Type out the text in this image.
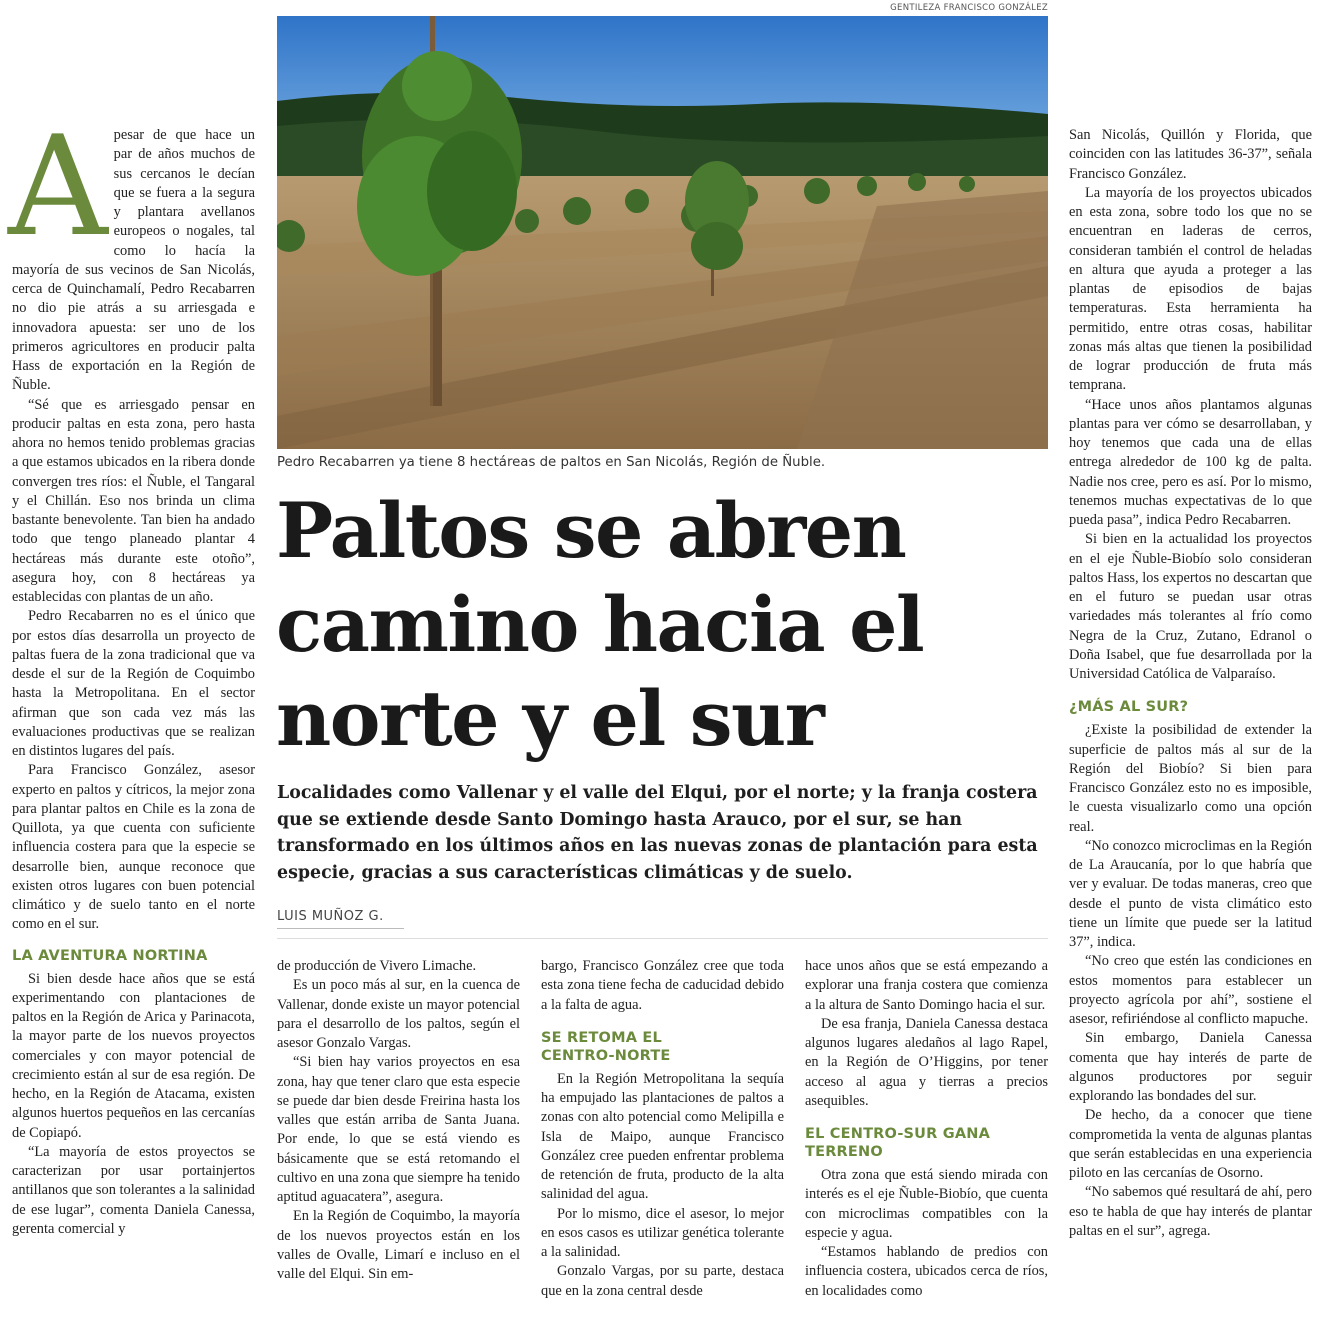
A pesar de que hace un par de años muchos de sus cercanos le decían que se fuera a la segura y plantara avellanos europeos o nogales, tal como lo hacía la mayoría de sus vecinos de San Nicolás, cerca de Quinchamalí, Pedro Recabarren no dio pie atrás a su arriesgada e innovadora apuesta: ser uno de los primeros agricultores en producir palta Hass de exportación en la Región de Ñuble.

“Sé que es arriesgado pensar en producir paltas en esta zona, pero hasta ahora no hemos tenido problemas gracias a que estamos ubicados en la ribera donde convergen tres ríos: el Ñuble, el Tangaral y el Chillán. Eso nos brinda un clima bastante benevolente. Tan bien ha andado todo que tengo planeado plantar 4 hectáreas más durante este otoño”, asegura hoy, con 8 hectáreas ya establecidas con plantas de un año.

Pedro Recabarren no es el único que por estos días desarrolla un proyecto de paltas fuera de la zona tradicional que va desde el sur de la Región de Coquimbo hasta la Metropolitana. En el sector afirman que son cada vez más las evaluaciones productivas que se realizan en distintos lugares del país.

Para Francisco González, asesor experto en paltos y cítricos, la mejor zona para plantar paltos en Chile es la zona de Quillota, ya que cuenta con suficiente influencia costera para que la especie se desarrolle bien, aunque reconoce que existen otros lugares con buen potencial climático y de suelo tanto en el norte como en el sur.

LA AVENTURA NORTINA

Si bien desde hace años que se está experimentando con plantaciones de paltos en la Región de Arica y Parinacota, la mayor parte de los nuevos proyectos comerciales y con mayor potencial de crecimiento están al sur de esa región. De hecho, en la Región de Atacama, existen algunos huertos pequeños en las cercanías de Copiapó.

“La mayoría de estos proyectos se caracterizan por usar portainjertos antillanos que son tolerantes a la salinidad de ese lugar”, comenta Daniela Canessa, gerenta comercial y

GENTILEZA FRANCISCO GONZÁLEZ
Pedro Recabarren ya tiene 8 hectáreas de paltos en San Nicolás, Región de Ñuble.
Paltos se abren camino hacia el norte y el sur
Localidades como Vallenar y el valle del Elqui, por el norte; y la franja costera que se extiende desde Santo Domingo hasta Arauco, por el sur, se han transformado en los últimos años en las nuevas zonas de plantación para esta especie, gracias a sus características climáticas y de suelo.
LUIS MUÑOZ G.

de producción de Vivero Limache.

Es un poco más al sur, en la cuenca de Vallenar, donde existe un mayor potencial para el desarrollo de los paltos, según el asesor Gonzalo Vargas.

“Si bien hay varios proyectos en esa zona, hay que tener claro que esta especie se puede dar bien desde Freirina hasta los valles que están arriba de Santa Juana. Por ende, lo que se está viendo es básicamente que se está retomando el cultivo en una zona que siempre ha tenido aptitud aguacatera”, asegura.

En la Región de Coquimbo, la mayoría de los nuevos proyectos están en los valles de Ovalle, Limarí e incluso en el valle del Elqui. Sin em-

bargo, Francisco González cree que toda esta zona tiene fecha de caducidad debido a la falta de agua.

SE RETOMA EL CENTRO-NORTE

En la Región Metropolitana la sequía ha empujado las plantaciones de paltos a zonas con alto potencial como Melipilla e Isla de Maipo, aunque Francisco González cree pueden enfrentar problema de retención de fruta, producto de la alta salinidad del agua.

Por lo mismo, dice el asesor, lo mejor en esos casos es utilizar genética tolerante a la salinidad.

Gonzalo Vargas, por su parte, destaca que en la zona central desde

hace unos años que se está empezando a explorar una franja costera que comienza a la altura de Santo Domingo hacia el sur.

De esa franja, Daniela Canessa destaca algunos lugares aledaños al lago Rapel, en la Región de O’Higgins, por tener acceso al agua y tierras a precios asequibles.

EL CENTRO-SUR GANA TERRENO

Otra zona que está siendo mirada con interés es el eje Ñuble-Biobío, que cuenta con microclimas compatibles con la especie y agua.

“Estamos hablando de predios con influencia costera, ubicados cerca de ríos, en localidades como

San Nicolás, Quillón y Florida, que coinciden con las latitudes 36-37”, señala Francisco González.

La mayoría de los proyectos ubicados en esta zona, sobre todo los que no se encuentran en laderas de cerros, consideran también el control de heladas en altura que ayuda a proteger a las plantas de episodios de bajas temperaturas. Esta herramienta ha permitido, entre otras cosas, habilitar zonas más altas que tienen la posibilidad de lograr producción de fruta más temprana.

“Hace unos años plantamos algunas plantas para ver cómo se desarrollaban, y hoy tenemos que cada una de ellas entrega alrededor de 100 kg de palta. Nadie nos cree, pero es así. Por lo mismo, tenemos muchas expectativas de lo que pueda pasa”, indica Pedro Recabarren.

Si bien en la actualidad los proyectos en el eje Ñuble-Biobío solo consideran paltos Hass, los expertos no descartan que en el futuro se puedan usar otras variedades más tolerantes al frío como Negra de la Cruz, Zutano, Edranol o Doña Isabel, que fue desarrollada por la Universidad Católica de Valparaíso.

¿MÁS AL SUR?

¿Existe la posibilidad de extender la superficie de paltos más al sur de la Región del Biobío? Si bien para Francisco González esto no es imposible, le cuesta visualizarlo como una opción real.

“No conozco microclimas en la Región de La Araucanía, por lo que habría que ver y evaluar. De todas maneras, creo que desde el punto de vista climático esto tiene un límite que puede ser la latitud 37”, indica.

“No creo que estén las condiciones en estos momentos para establecer un proyecto agrícola por ahí”, sostiene el asesor, refiriéndose al conflicto mapuche.

Sin embargo, Daniela Canessa comenta que hay interés de parte de algunos productores por seguir explorando las bondades del sur.

De hecho, da a conocer que tiene comprometida la venta de algunas plantas que serán establecidas en una experiencia piloto en las cercanías de Osorno.

“No sabemos qué resultará de ahí, pero eso te habla de que hay interés de plantar paltas en el sur”, agrega.
